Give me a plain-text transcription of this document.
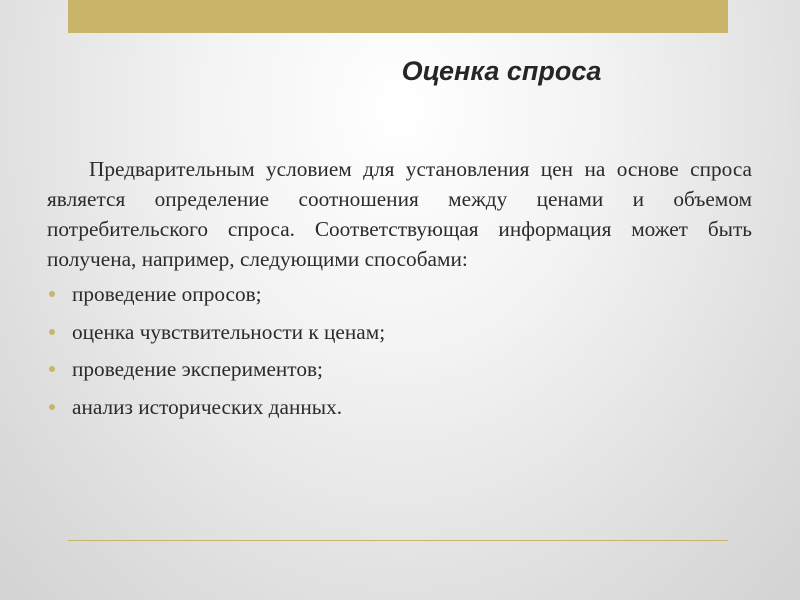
Оценка спроса

Предварительным условием для установления цен на основе спроса является определение соотношения между ценами и объемом потребительского спроса. Соответствующая информация может быть получена, например, следующими способами:

проведение опросов;
оценка чувствительности к ценам;
проведение экспериментов;
анализ исторических данных.
